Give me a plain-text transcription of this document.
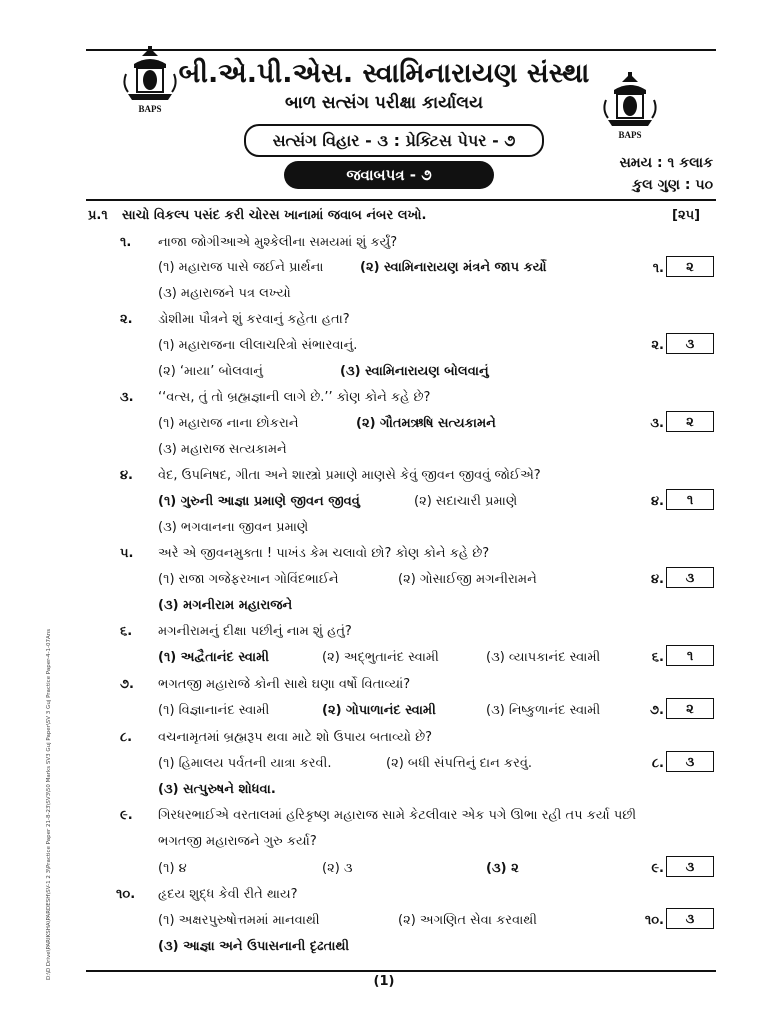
BAPS
BAPS
બી.એ.પી.એસ. સ્વામિનારાયણ સંસ્થા
બાળ સત્સંગ પરીક્ષા કાર્યાલય
સત્સંગ વિહાર - ૩ : પ્રેક્ટિસ પેપર - ૭
જવાબપત્ર - ૭
સમય : ૧ કલાક
કુલ ગુણ : ૫૦
પ્ર.૧ સાચો વિકલ્પ પસંદ કરી ચોરસ ખાનામાં જવાબ નંબર લખો.	[૨૫]
૧. નાજા જોગીઆએ મુશ્કેલીના સમયમાં શું કર્યું?
(૧) મહારાજ પાસે જઈને પ્રાર્થના	(૨) સ્વામિનારાયણ મંત્રને જાપ કર્યો
(૩) મહારાજને પત્ર લખ્યો
૧.	૨
૨. ડોશીમા પૌત્રને શું કરવાનું કહેતા હતા?
(૧) મહારાજના લીલાચરિત્રો સંભારવાનું.
(૨) ‘માયા’ બોલવાનું	(૩) સ્વામિનારાયણ બોલવાનું
૨.	૩
૩. ‘‘વત્સ, તું તો બ્રહ્મજ્ઞાની લાગે છે.’’ કોણ કોને કહે છે?
(૧) મહારાજ નાના છોકરાને	(૨) ગૌતમઋષિ સત્યકામને
(૩) મહારાજ સત્યકામને
૩.	૨
૪. વેદ, ઉપનિષદ, ગીતા અને શાસ્ત્રો પ્રમાણે માણસે કેવું જીવન જીવવું જોઈએ?
(૧) ગુરુની આજ્ઞા પ્રમાણે જીવન જીવવું	(૨) સદાચારી પ્રમાણે
(૩) ભગવાનના જીવન પ્રમાણે
૪.	૧
૫. અરે એ જીવનમુક્તા ! પાખંડ કેમ ચલાવો છો? કોણ કોને કહે છે?
(૧) રાજા ગજેફરખાન ગોવિંદભાઈને	(૨) ગોસાઈજી મગનીરામને
(૩) મગનીરામ મહારાજને
૪.	૩
૬. મગનીરામનું દીક્ષા પછીનું નામ શું હતું?
(૧) અદ્વૈતાનંદ સ્વામી	(૨) અદ્ભુતાનંદ સ્વામી	(૩) વ્યાપકાનંદ સ્વામી	૬.	૧
૭. ભગતજી મહારાજે કોની સાથે ઘણા વર્ષો વિતાવ્યાં?
(૧) વિજ્ઞાનાનંદ સ્વામી	(૨) ગોપાળાનંદ સ્વામી	(૩) નિષ્કુળાનંદ સ્વામી	૭.	૨
૮. વચનામૃતમાં બ્રહ્મરૂપ થવા માટે શો ઉપાય બતાવ્યો છે?
(૧) હિમાલય પર્વતની યાત્રા કરવી.	(૨) બધી સંપત્તિનું દાન કરવું.
(૩) સત્પુરુષને શોધવા.
૮.	૩
૯. ગિરધરભાઈએ વરતાલમાં હરિકૃષ્ણ મહારાજ સામે કેટલીવાર એક પગે ઊભા રહી તપ કર્યા પછી
ભગતજી મહારાજને ગુરુ કર્યા?
(૧) ૪	(૨) ૩	(૩) ૨	૯.	૩
૧૦. હૃદય શુદ્ધ કેવી રીતે થાય?
(૧) અક્ષરપુરુષોત્તમમાં માનવાથી	(૨) અગણિત સેવા કરવાથી
(૩) આજ્ઞા અને ઉપાસનાની દૃઢતાથી
૧૦.	૩
(1)
D:\D Drive\PARIKSHA\PARDESH\SV-1 2 3\Practice Paper 21-8-23\SV3\50 Marks SV3 Guj Paper\SV 3 Guj Practice Paper-4-1-07Ans
